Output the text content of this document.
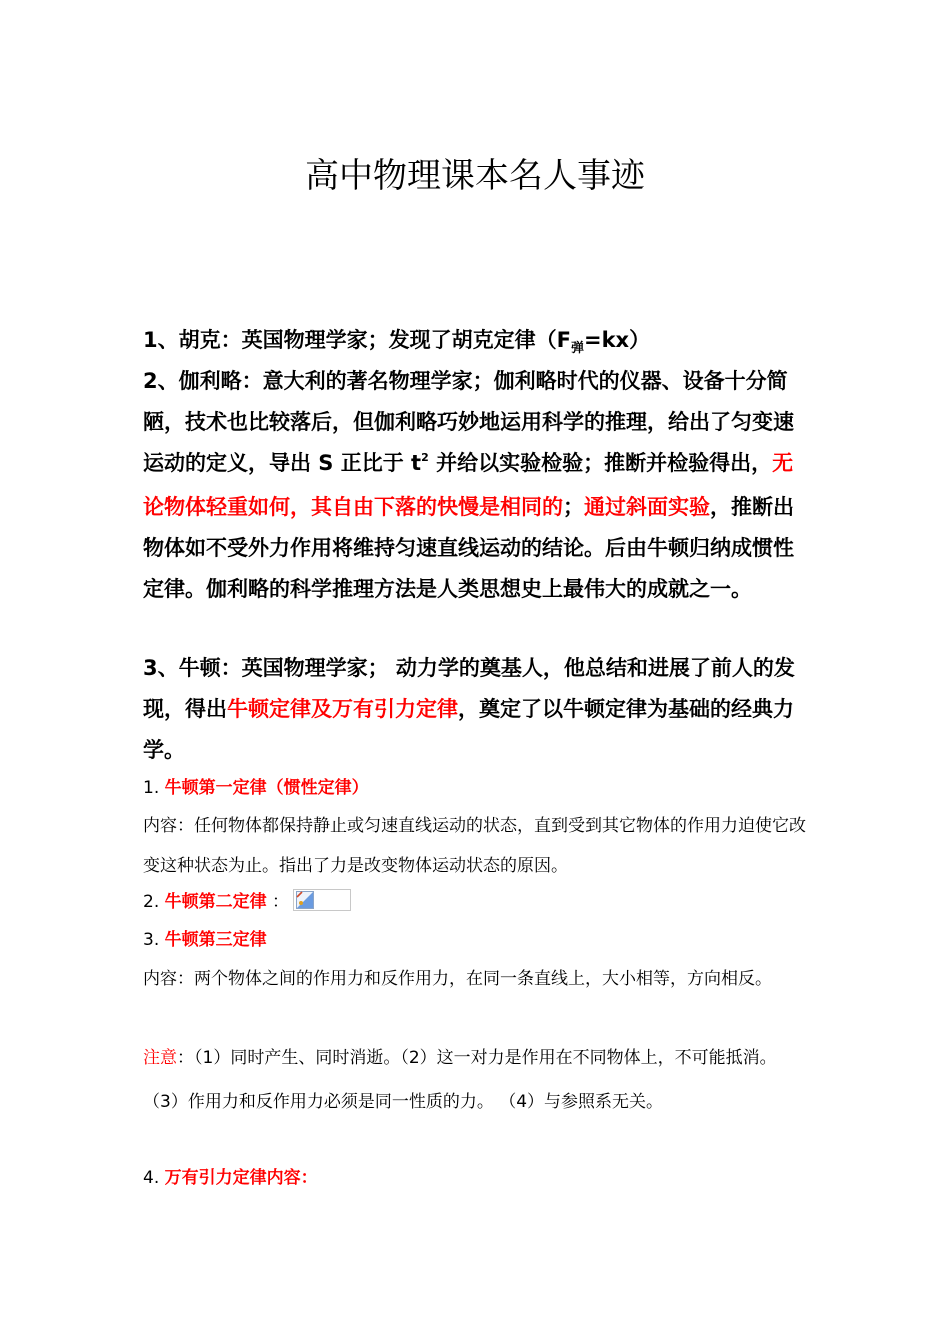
高中物理课本名人事迹

1、胡克：英国物理学家；发现了胡克定律$(F_弹=kx)$

2、伽利略：意大利的著名物理学家；伽利略时代的仪器、设备十分简陋，技术也比较落后，但伽利略巧妙地运用科学的推理，给出了匀变速运动的定义，导出 S 正比于 $t^2$ 并给以实验检验；推断并检验得出，无论物体轻重如何，其自由下落的快慢是相同的；通过斜面实验，推断出物体如不受外力作用将维持匀速直线运动的结论。后由牛顿归纳成惯性定律。伽利略的科学推理方法是人类思想史上最伟大的成就之一。

3、牛顿：英国物理学家； 动力学的奠基人，他总结和进展了前人的发现，得出牛顿定律及万有引力定律，奠定了以牛顿定律为基础的经典力学。

1. 牛顿第一定律（惯性定律）

内容：任何物体都保持静止或匀速直线运动的状态，直到受到其它物体的作用力迫使它改变这种状态为止。指出了力是改变物体运动状态的原因。

2. 牛顿第二定律 ：

3. 牛顿第三定律

内容：两个物体之间的作用力和反作用力，在同一条直线上，大小相等，方向相反。

注意：（1）同时产生、同时消逝。（2）这一对力是作用在不同物体上，不可能抵消。 （3）作用力和反作用力必须是同一性质的力。 （4）与参照系无关。

4. 万有引力定律内容：
